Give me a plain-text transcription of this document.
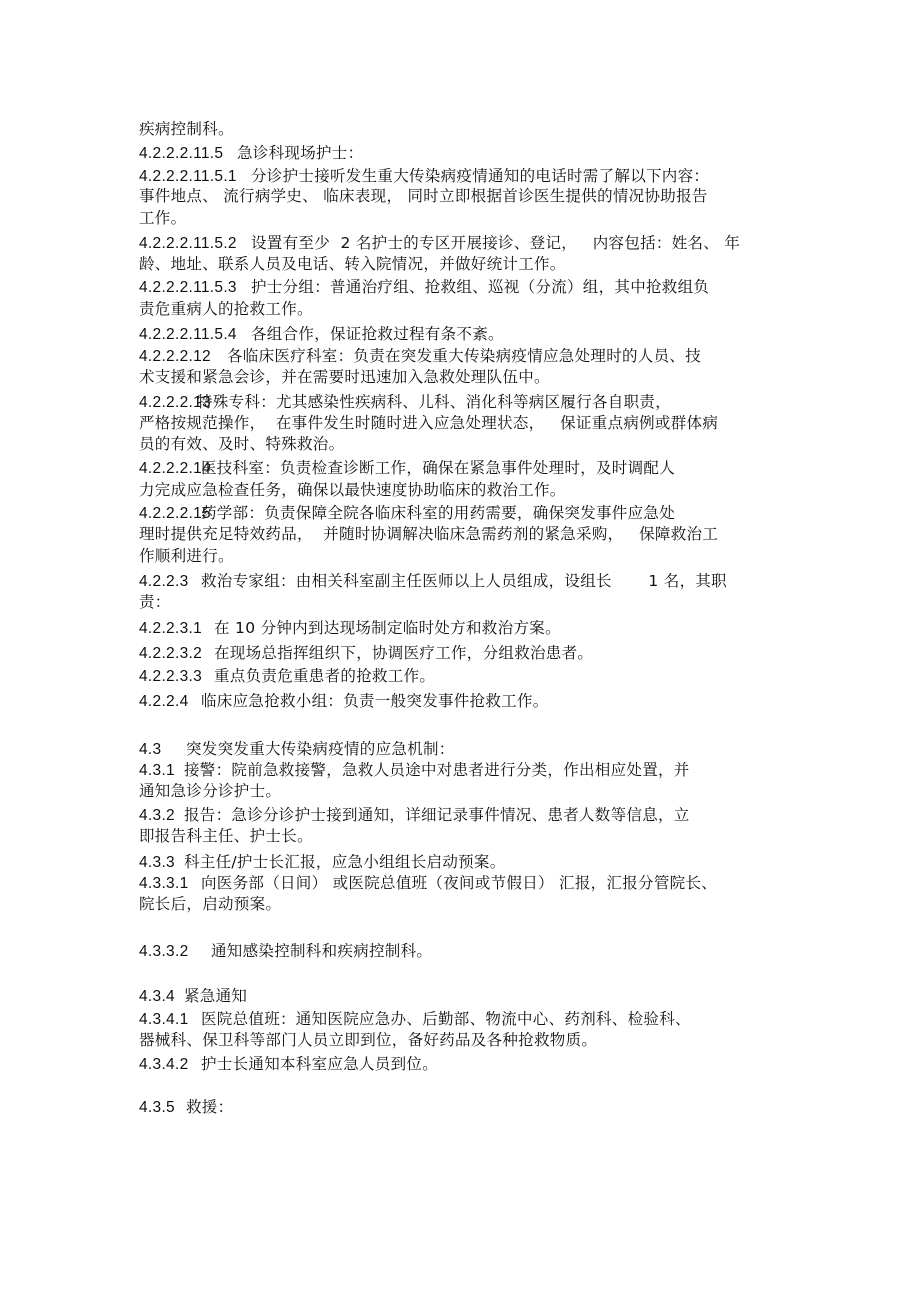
疾病控制科。
4.2.2.2.11.5 急诊科现场护士：
4.2.2.2.11.5.1 分诊护士接听发生重大传染病疫情通知的电话时需了解以下内容：
事件地点、 流行病学史、 临床表现， 同时立即根据首诊医生提供的情况协助报告
工作。
4.2.2.2.11.5.2 设置有至少  2 名护士的专区开展接诊、登记，   内容包括：姓名、 年
龄、地址、联系人员及电话、转入院情况，并做好统计工作。
4.2.2.2.11.5.3 护士分组：普通治疗组、抢救组、巡视（分流）组，其中抢救组负
责危重病人的抢救工作。
4.2.2.2.11.5.4 各组合作，保证抢救过程有条不紊。
4.2.2.2.12 各临床医疗科室：负责在突发重大传染病疫情应急处理时的人员、技
术支援和紧急会诊，并在需要时迅速加入急救处理队伍中。
4.2.2.2.13特殊专科：尤其感染性疾病科、儿科、消化科等病区履行各自职责，
严格按规范操作，  在事件发生时随时进入应急处理状态，   保证重点病例或群体病
员的有效、及时、特殊救治。
4.2.2.2.14医技科室：负责检查诊断工作，确保在紧急事件处理时，及时调配人
力完成应急检查任务，确保以最快速度协助临床的救治工作。
4.2.2.2.15药学部：负责保障全院各临床科室的用药需要，确保突发事件应急处
理时提供充足特效药品，  并随时协调解决临床急需药剂的紧急采购，   保障救治工
作顺利进行。
4.2.2.3 救治专家组：由相关科室副主任医师以上人员组成，设组长       1 名，其职
责：
4.2.2.3.1 在 10 分钟内到达现场制定临时处方和救治方案。
4.2.2.3.2 在现场总指挥组织下，协调医疗工作，分组救治患者。
4.2.2.3.3 重点负责危重患者的抢救工作。
4.2.2.4 临床应急抢救小组：负责一般突发事件抢救工作。
4.3 突发突发重大传染病疫情的应急机制：
4.3.1 接警：院前急救接警，急救人员途中对患者进行分类，作出相应处置，并
通知急诊分诊护士。
4.3.2 报告：急诊分诊护士接到通知，详细记录事件情况、患者人数等信息，立
即报告科主任、护士长。
4.3.3 科主任/护士长汇报，应急小组组长启动预案。
4.3.3.1 向医务部（日间） 或医院总值班（夜间或节假日） 汇报，汇报分管院长、
院长后，启动预案。
4.3.3.2 通知感染控制科和疾病控制科。
4.3.4 紧急通知
4.3.4.1 医院总值班：通知医院应急办、后勤部、物流中心、药剂科、检验科、
器械科、保卫科等部门人员立即到位，备好药品及各种抢救物质。
4.3.4.2 护士长通知本科室应急人员到位。
4.3.5 救援：
